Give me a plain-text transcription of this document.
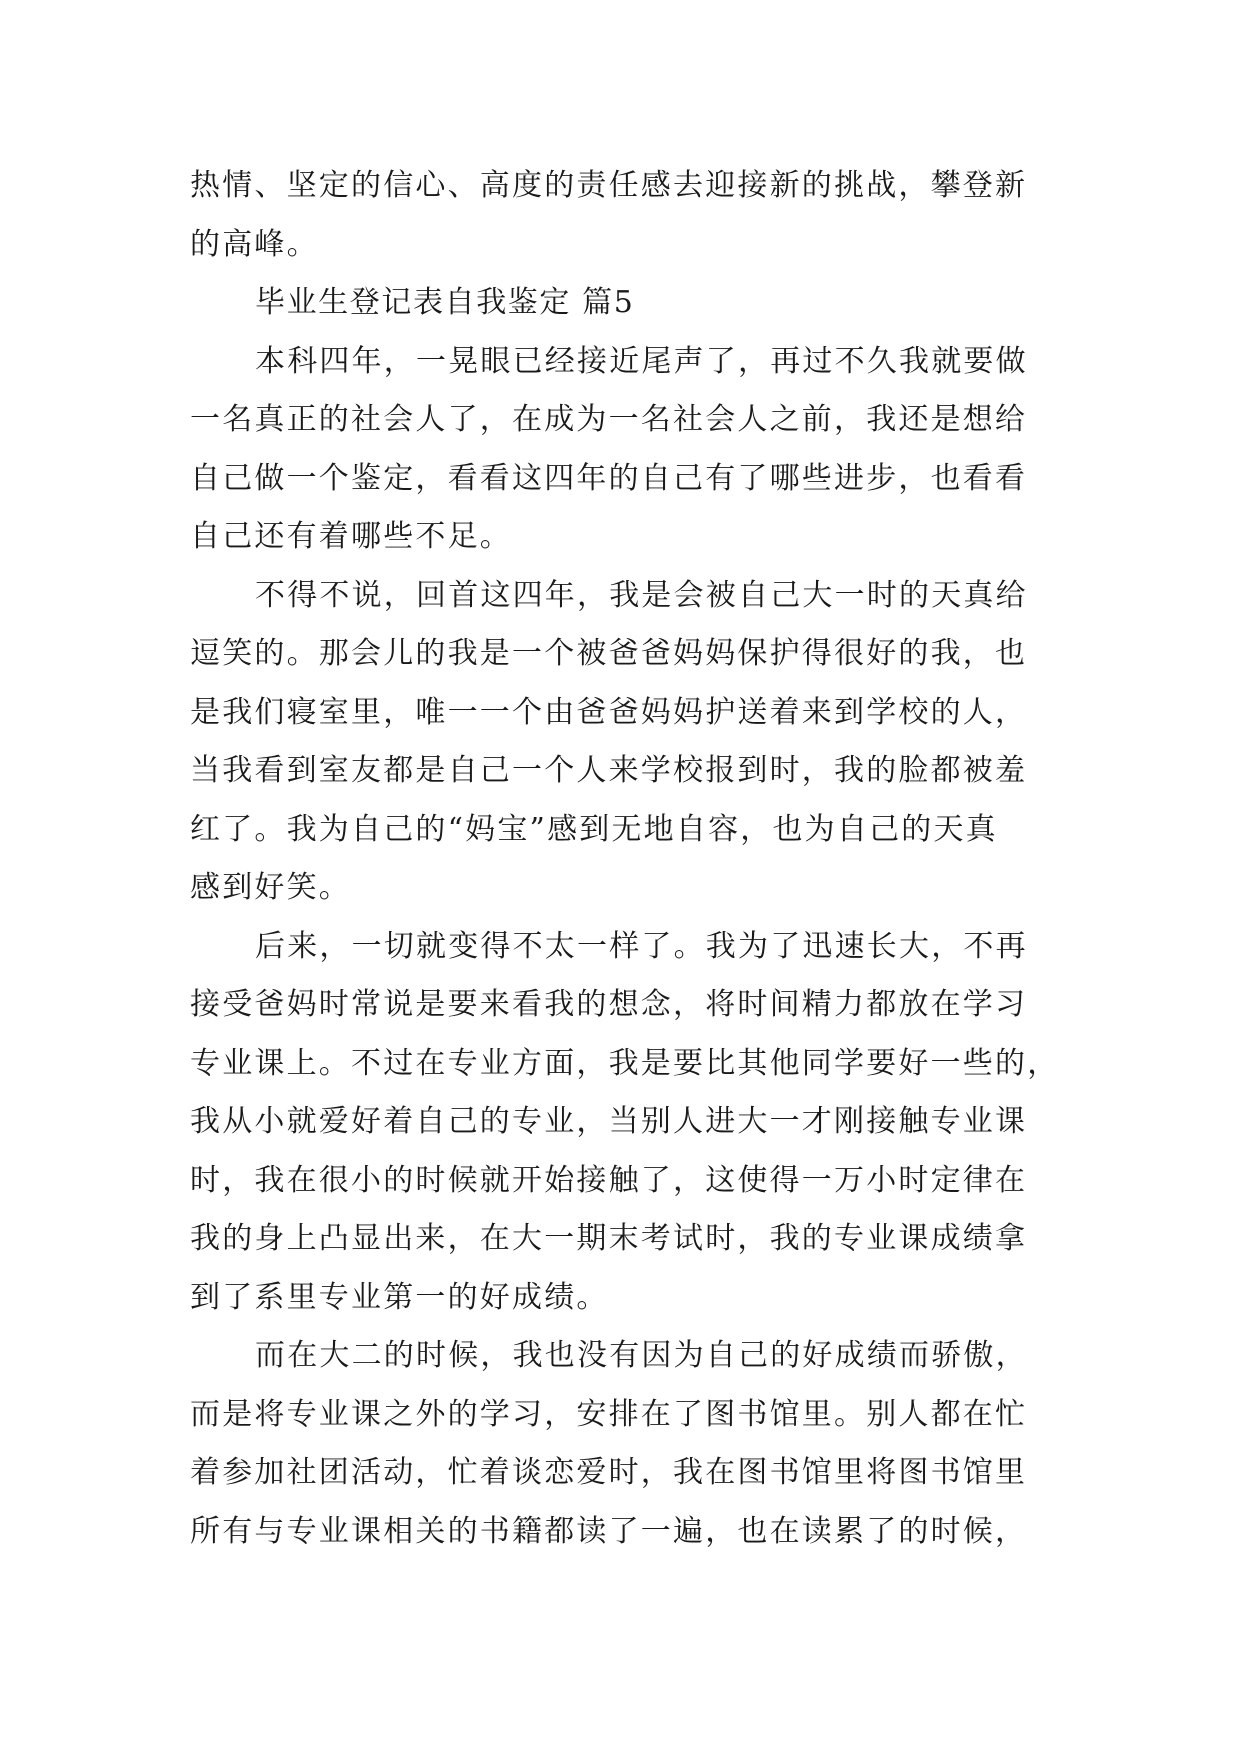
热情、坚定的信心、高度的责任感去迎接新的挑战，攀登新
的高峰。
毕业生登记表自我鉴定 篇5
本科四年，一晃眼已经接近尾声了，再过不久我就要做
一名真正的社会人了，在成为一名社会人之前，我还是想给
自己做一个鉴定，看看这四年的自己有了哪些进步，也看看
自己还有着哪些不足。
不得不说，回首这四年，我是会被自己大一时的天真给
逗笑的。那会儿的我是一个被爸爸妈妈保护得很好的我，也
是我们寝室里，唯一一个由爸爸妈妈护送着来到学校的人，
当我看到室友都是自己一个人来学校报到时，我的脸都被羞
红了。我为自己的“妈宝”感到无地自容，也为自己的天真
感到好笑。
后来，一切就变得不太一样了。我为了迅速长大，不再
接受爸妈时常说是要来看我的想念，将时间精力都放在学习
专业课上。不过在专业方面，我是要比其他同学要好一些的，
我从小就爱好着自己的专业，当别人进大一才刚接触专业课
时，我在很小的时候就开始接触了，这使得一万小时定律在
我的身上凸显出来，在大一期末考试时，我的专业课成绩拿
到了系里专业第一的好成绩。
而在大二的时候，我也没有因为自己的好成绩而骄傲，
而是将专业课之外的学习，安排在了图书馆里。别人都在忙
着参加社团活动，忙着谈恋爱时，我在图书馆里将图书馆里
所有与专业课相关的书籍都读了一遍，也在读累了的时候，
